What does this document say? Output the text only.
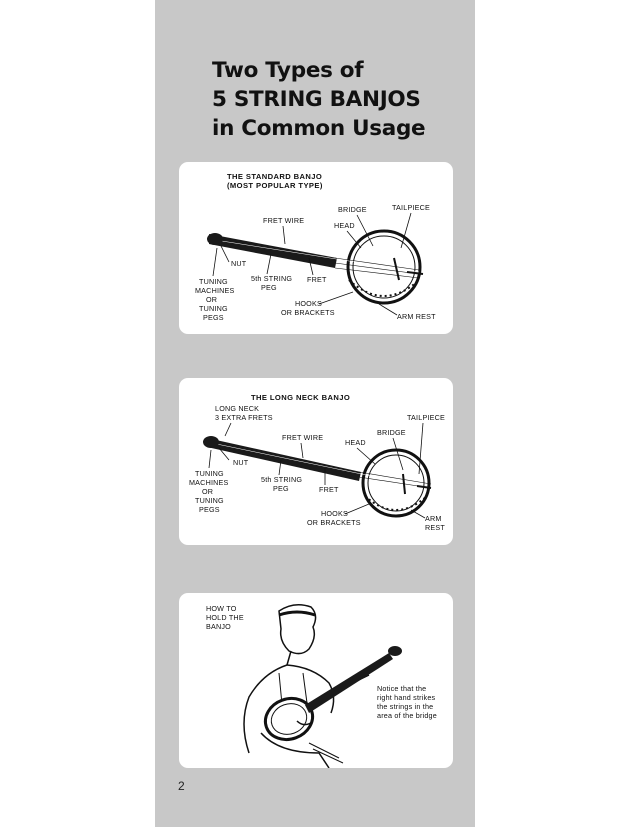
Two Types of
5 STRING BANJOS
in Common Usage
THE STANDARD BANJO
(MOST POPULAR TYPE)
FRET WIRE
BRIDGE	TAILPIECE
HEAD
NUT
TUNING
MACHINES
OR
TUNING
PEGS
5th STRING
PEG
FRET
HOOKS
OR BRACKETS	ARM REST
THE LONG NECK BANJO
LONG NECK
3 EXTRA FRETS	TAILPIECE
BRIDGE
FRET WIRE
HEAD
NUT
TUNING
MACHINES
OR
TUNING
PEGS
5th STRING
PEG	FRET
HOOKS
OR BRACKETS	ARM
REST
HOW TO
HOLD THE
BANJO
Notice that the
right hand strikes
the strings in the
area of the bridge

2
